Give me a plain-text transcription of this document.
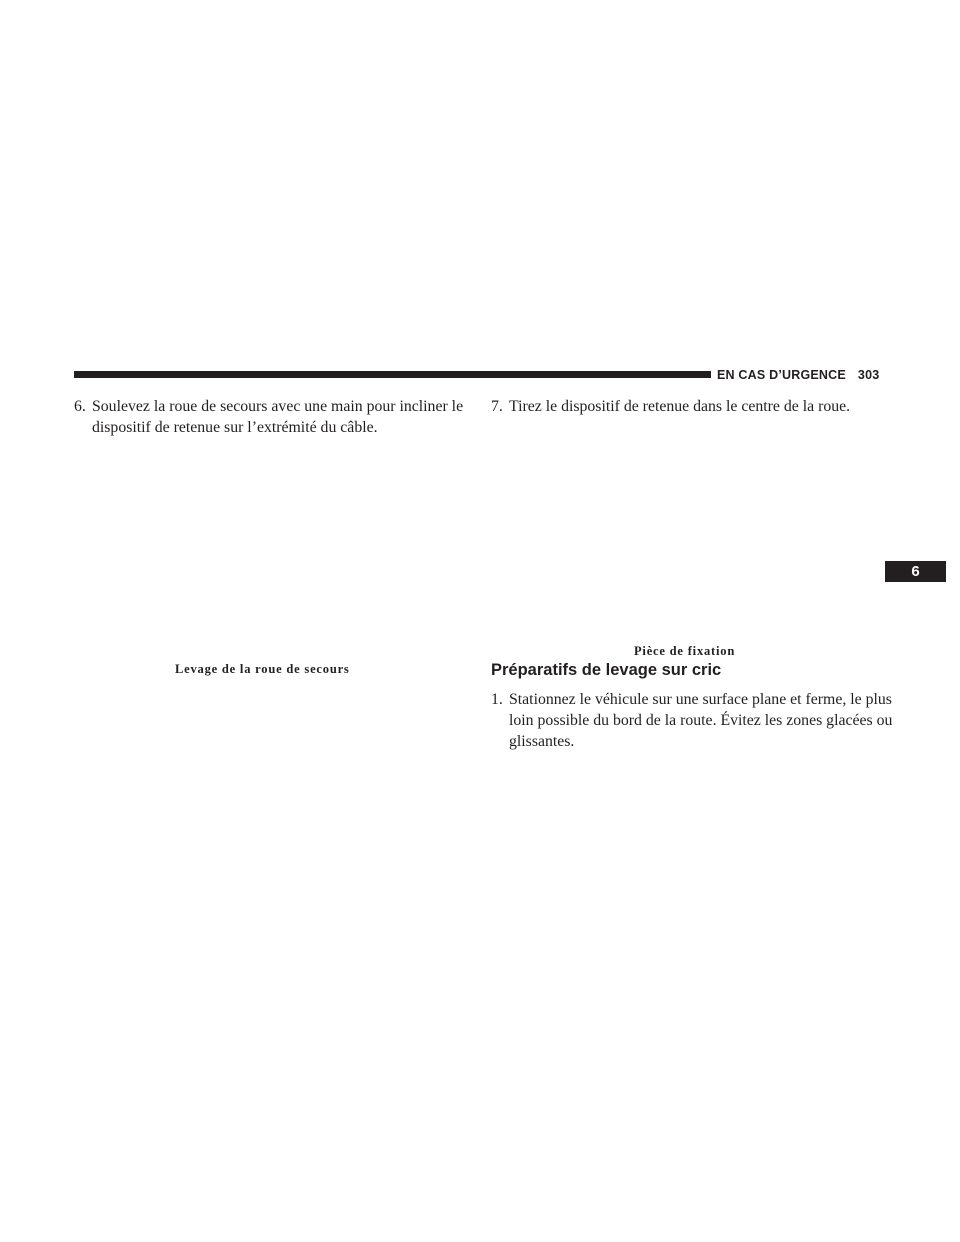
EN CAS D’URGENCE 303
6
6. Soulevez la roue de secours avec une main pour incliner le dispositif de retenue sur l’extrémité du câble.
Levage de la roue de secours
7. Tirez le dispositif de retenue dans le centre de la roue.
Pièce de fixation
Préparatifs de levage sur cric
1. Stationnez le véhicule sur une surface plane et ferme, le plus loin possible du bord de la route. Évitez les zones glacées ou glissantes.
